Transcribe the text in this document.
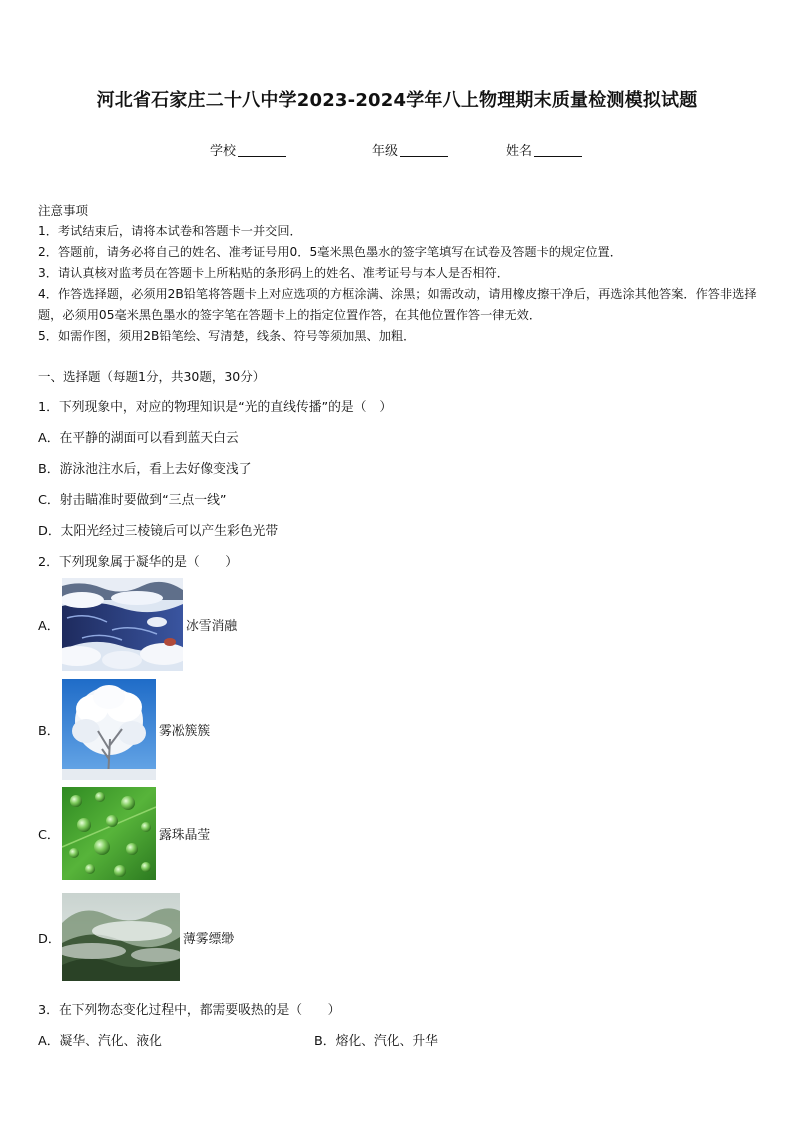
河北省石家庄二十八中学2023-2024学年八上物理期末质量检测模拟试题
学校	年级	姓名
注意事项
1．考试结束后，请将本试卷和答题卡一并交回．
2．答题前，请务必将自己的姓名、准考证号用0．5毫米黑色墨水的签字笔填写在试卷及答题卡的规定位置．
3．请认真核对监考员在答题卡上所粘贴的条形码上的姓名、准考证号与本人是否相符．
4．作答选择题，必须用2B铅笔将答题卡上对应选项的方框涂满、涂黑；如需改动，请用橡皮擦干净后，再选涂其他答案．作答非选择题，必须用05毫米黑色墨水的签字笔在答题卡上的指定位置作答，在其他位置作答一律无效．
5．如需作图，须用2B铅笔绘、写清楚，线条、符号等须加黑、加粗．
一、选择题（每题1分，共30题，30分）
1．下列现象中，对应的物理知识是“光的直线传播”的是（　）
A．在平静的湖面可以看到蓝天白云
B．游泳池注水后，看上去好像变浅了
C．射击瞄准时要做到“三点一线”
D．太阳光经过三棱镜后可以产生彩色光带
2．下列现象属于凝华的是（　　）
A．	冰雪消融
B．	雾凇簇簇
C．	露珠晶莹
D．	薄雾缥缈
3．在下列物态变化过程中，都需要吸热的是（　　）
A．凝华、汽化、液化	B．熔化、汽化、升华
